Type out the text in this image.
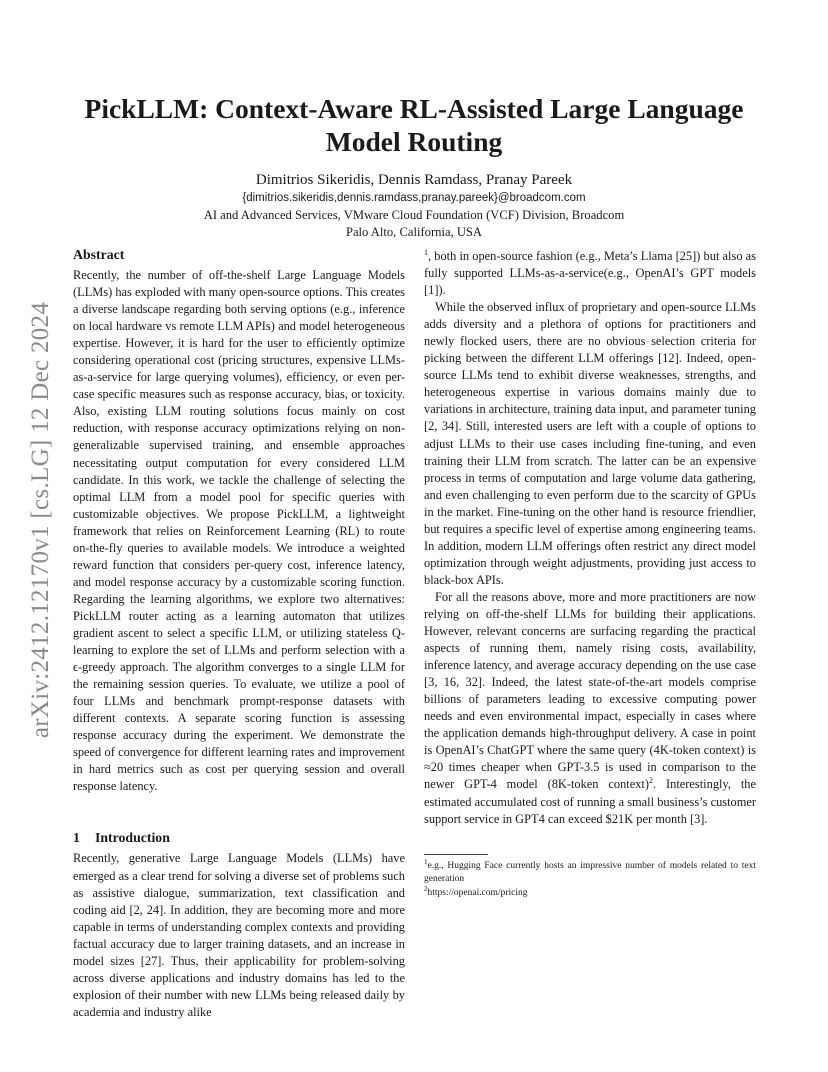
arXiv:2412.12170v1 [cs.LG] 12 Dec 2024
PickLLM: Context-Aware RL-Assisted Large Language Model Routing
Dimitrios Sikeridis, Dennis Ramdass, Pranay Pareek
{dimitrios.sikeridis,dennis.ramdass,pranay.pareek}@broadcom.com
AI and Advanced Services, VMware Cloud Foundation (VCF) Division, Broadcom
Palo Alto, California, USA
Abstract

Recently, the number of off-the-shelf Large Language Models (LLMs) has exploded with many open-source options. This creates a diverse landscape regarding both serving options (e.g., inference on local hardware vs remote LLM APIs) and model heterogeneous expertise. However, it is hard for the user to efficiently optimize considering operational cost (pricing structures, expensive LLMs-as-a-service for large querying volumes), efficiency, or even per-case specific measures such as response accuracy, bias, or toxicity. Also, existing LLM routing solutions focus mainly on cost reduction, with response accuracy optimizations relying on non-generalizable supervised training, and ensemble approaches necessitating output computation for every considered LLM candidate. In this work, we tackle the challenge of selecting the optimal LLM from a model pool for specific queries with customizable objectives. We propose PickLLM, a lightweight framework that relies on Reinforcement Learning (RL) to route on-the-fly queries to available models. We introduce a weighted reward function that considers per-query cost, inference latency, and model response accuracy by a customizable scoring function. Regarding the learning algorithms, we explore two alternatives: PickLLM router acting as a learning automaton that utilizes gradient ascent to select a specific LLM, or utilizing stateless Q-learning to explore the set of LLMs and perform selection with a ϵ-greedy approach. The algorithm converges to a single LLM for the remaining session queries. To evaluate, we utilize a pool of four LLMs and benchmark prompt-response datasets with different contexts. A separate scoring function is assessing response accuracy during the experiment. We demonstrate the speed of convergence for different learning rates and improvement in hard metrics such as cost per querying session and overall response latency.

1 Introduction

Recently, generative Large Language Models (LLMs) have emerged as a clear trend for solving a diverse set of problems such as assistive dialogue, summarization, text classification and coding aid [2, 24]. In addition, they are becoming more and more capable in terms of understanding complex contexts and providing factual accuracy due to larger training datasets, and an increase in model sizes [27]. Thus, their applicability for problem-solving across diverse applications and industry domains has led to the explosion of their number with new LLMs being released daily by academia and industry alike

$^1$, both in open-source fashion (e.g., Meta’s Llama [25]) but also as fully supported LLMs-as-a-service(e.g., OpenAI’s GPT models [1]).

While the observed influx of proprietary and open-source LLMs adds diversity and a plethora of options for practitioners and newly flocked users, there are no obvious selection criteria for picking between the different LLM offerings [12]. Indeed, open-source LLMs tend to exhibit diverse weaknesses, strengths, and heterogeneous expertise in various domains mainly due to variations in architecture, training data input, and parameter tuning [2, 34]. Still, interested users are left with a couple of options to adjust LLMs to their use cases including fine-tuning, and even training their LLM from scratch. The latter can be an expensive process in terms of computation and large volume data gathering, and even challenging to even perform due to the scarcity of GPUs in the market. Fine-tuning on the other hand is resource friendlier, but requires a specific level of expertise among engineering teams. In addition, modern LLM offerings often restrict any direct model optimization through weight adjustments, providing just access to black-box APIs.

For all the reasons above, more and more practitioners are now relying on off-the-shelf LLMs for building their applications. However, relevant concerns are surfacing regarding the practical aspects of running them, namely rising costs, availability, inference latency, and average accuracy depending on the use case [3, 16, 32]. Indeed, the latest state-of-the-art models comprise billions of parameters leading to excessive computing power needs and even environmental impact, especially in cases where the application demands high-throughput delivery. A case in point is OpenAI’s ChatGPT where the same query (4K-token context) is ≈20 times cheaper when GPT-3.5 is used in comparison to the newer GPT-4 model (8K-token context)$^2$. Interestingly, the estimated accumulated cost of running a small business’s customer support service in GPT4 can exceed $21K per month [3].

$^1$e.g., Hugging Face currently hosts an impressive number of models related to text generation

$^2$https://openai.com/pricing
